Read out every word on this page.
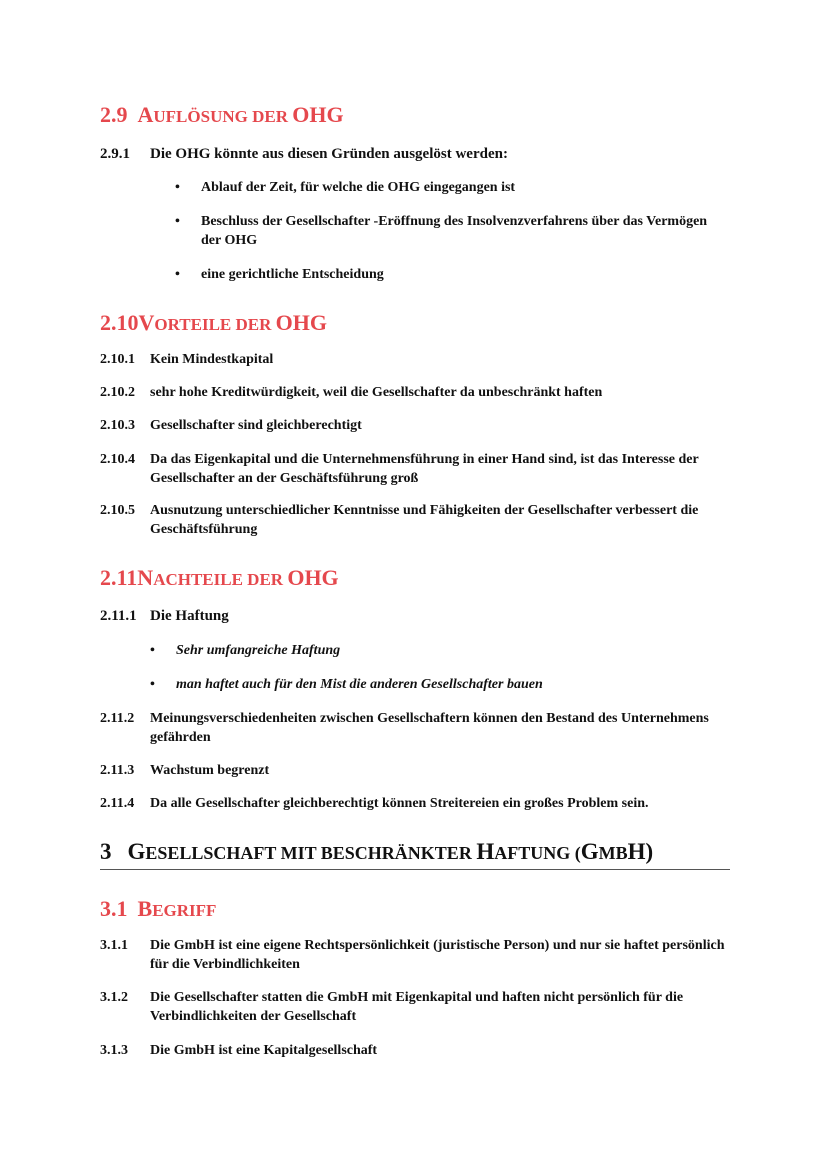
2.9 AUFLÖSUNG DER OHG
2.9.1 Die OHG könnte aus diesen Gründen ausgelöst werden:
• Ablauf der Zeit, für welche die OHG eingegangen ist
• Beschluss der Gesellschafter -Eröffnung des Insolvenzverfahrens über das Vermögen der OHG
• eine gerichtliche Entscheidung
2.10VORTEILE DER OHG
2.10.1 Kein Mindestkapital
2.10.2 sehr hohe Kreditwürdigkeit, weil die Gesellschafter da unbeschränkt haften
2.10.3 Gesellschafter sind gleichberechtigt
2.10.4 Da das Eigenkapital und die Unternehmensführung in einer Hand sind, ist das Interesse der Gesellschafter an der Geschäftsführung groß
2.10.5 Ausnutzung unterschiedlicher Kenntnisse und Fähigkeiten der Gesellschafter verbessert die Geschäftsführung
2.11NACHTEILE DER OHG
2.11.1 Die Haftung
• Sehr umfangreiche Haftung
• man haftet auch für den Mist die anderen Gesellschafter bauen
2.11.2 Meinungsverschiedenheiten zwischen Gesellschaftern können den Bestand des Unternehmens gefährden
2.11.3 Wachstum begrenzt
2.11.4 Da alle Gesellschafter gleichberechtigt können Streitereien ein großes Problem sein.
3 GESELLSCHAFT MIT BESCHRÄNKTER HAFTUNG (GMBH)
3.1 BEGRIFF
3.1.1 Die GmbH ist eine eigene Rechtspersönlichkeit (juristische Person) und nur sie haftet persönlich für die Verbindlichkeiten
3.1.2 Die Gesellschafter statten die GmbH mit Eigenkapital und haften nicht persönlich für die Verbindlichkeiten der Gesellschaft
3.1.3 Die GmbH ist eine Kapitalgesellschaft
